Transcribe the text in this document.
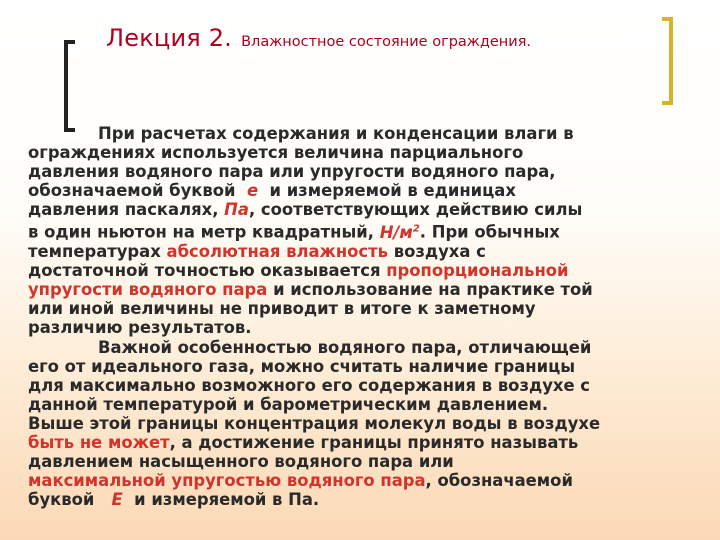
Лекция 2. Влажностное состояние ограждения.
При расчетах содержания и конденсации влаги в
ограждениях используется величина парциального
давления водяного пара или упругости водяного пара,
обозначаемой буквой е и измеряемой в единицах
давления паскалях, Па, соответствующих действию силы
в один ньютон на метр квадратный, $Н/м^2$. При обычных
температурах абсолютная влажность воздуха с
достаточной точностью оказывается пропорциональной
упругости водяного пара и использование на практике той
или иной величины не приводит в итоге к заметному
различию результатов.
Важной особенностью водяного пара, отличающей
его от идеального газа, можно считать наличие границы
для максимально возможного его содержания в воздухе с
данной температурой и барометрическим давлением.
Выше этой границы концентрация молекул воды в воздухе
быть не может, а достижение границы принято называть
давлением насыщенного водяного пара или
максимальной упругостью водяного пара, обозначаемой
буквой Е и измеряемой в Па.
